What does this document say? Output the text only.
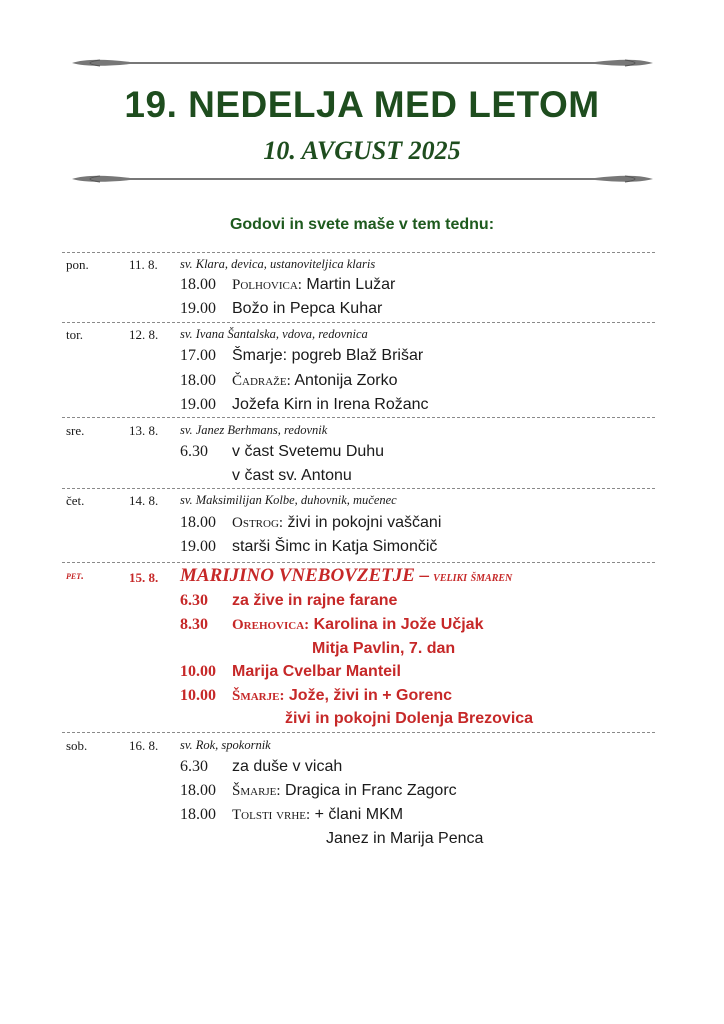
19. NEDELJA MED LETOM
10. AVGUST 2025
Godovi in svete maše v tem tednu:
pon.	11. 8. sv. Klara, devica, ustanoviteljica klaris
18.00 Polhovica: Martin Lužar
19.00 Božo in Pepca Kuhar
tor.	12. 8. sv. Ivana Šantalska, vdova, redovnica
17.00 Šmarje: pogreb Blaž Brišar
18.00 Čadraže: Antonija Zorko
19.00 Jožefa Kirn in Irena Rožanc
sre.	13. 8. sv. Janez Berhmans, redovnik
6.30 v čast Svetemu Duhu
v čast sv. Antonu
čet.	14. 8. sv. Maksimilijan Kolbe, duhovnik, mučenec
18.00 Ostrog: živi in pokojni vaščani
19.00 starši Šimc in Katja Simončič
pet.	15. 8. MARIJINO VNEBOVZETJE – veliki šmaren
6.30 za žive in rajne farane
8.30 Orehovica: Karolina in Jože Učjak
Mitja Pavlin, 7. dan
10.00 Marija Cvelbar Manteil
10.00 Šmarje: Jože, živi in + Gorenc
živi in pokojni Dolenja Brezovica
sob.	16. 8. sv. Rok, spokornik
6.30 za duše v vicah
18.00 Šmarje: Dragica in Franc Zagorc
18.00 Tolsti vrhe: + člani MKM
Janez in Marija Penca
